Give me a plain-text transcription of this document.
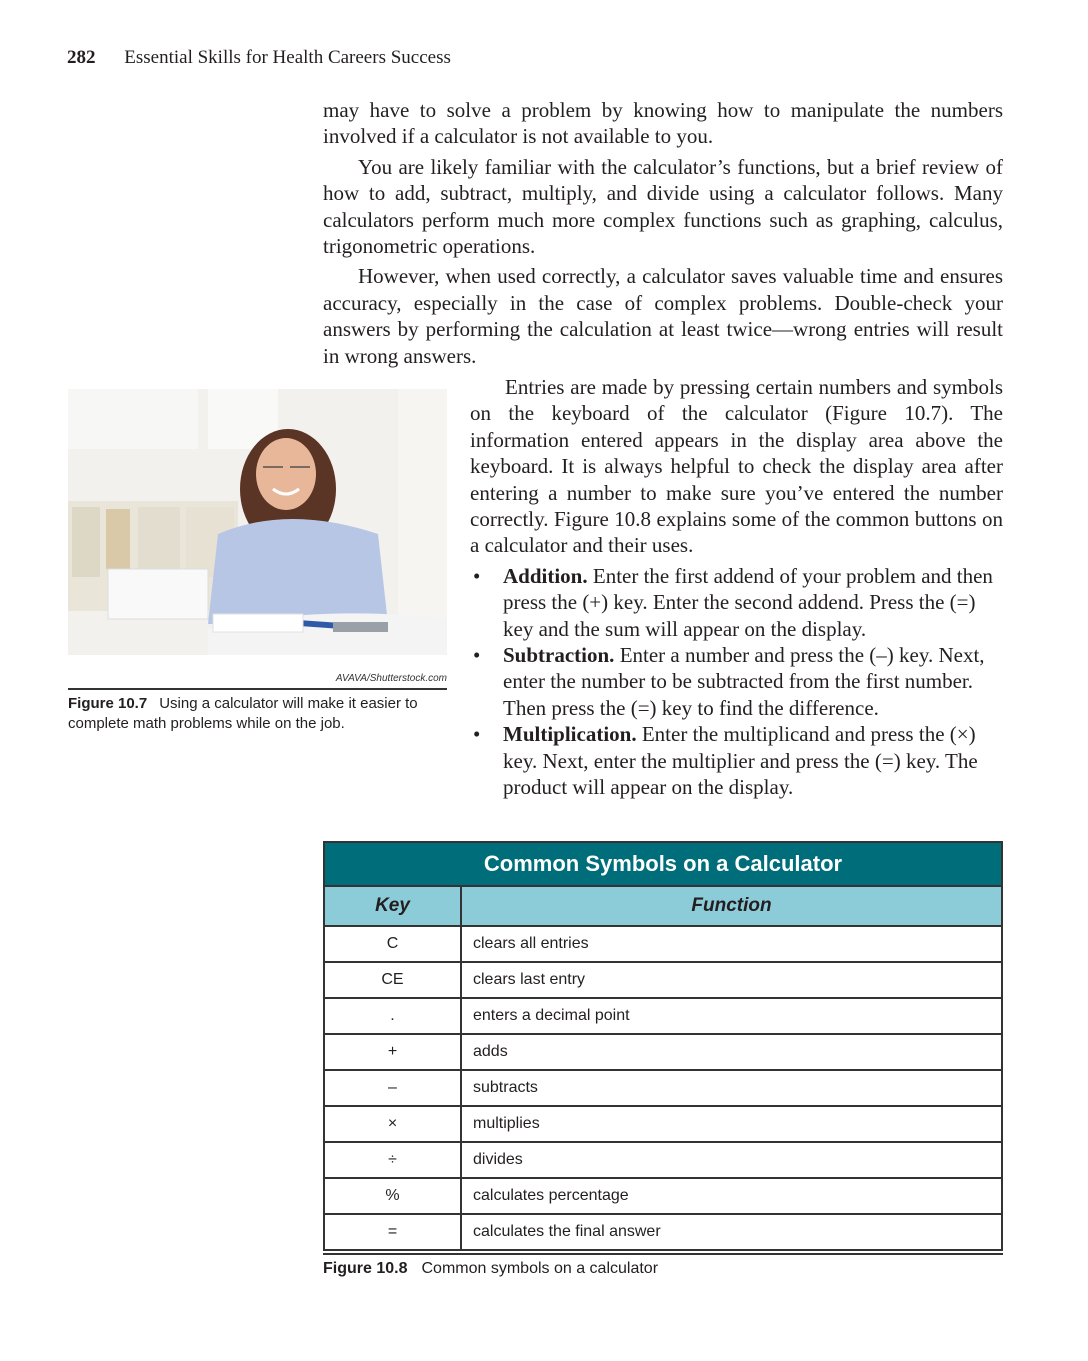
282 Essential Skills for Health Careers Success

may have to solve a problem by knowing how to manipulate the numbers involved if a calculator is not available to you.

You are likely familiar with the calculator’s functions, but a brief review of how to add, subtract, multiply, and divide using a calculator follows. Many calculators perform much more complex functions such as graphing, calculus, trigonometric operations.

However, when used correctly, a calculator saves valuable time and ensures accuracy, especially in the case of complex problems. Double-check your answers by performing the calculation at least twice—wrong entries will result in wrong answers.

AVAVA/Shutterstock.com
Figure 10.7 Using a calculator will make it easier to complete math problems while on the job.

Entries are made by pressing certain numbers and symbols on the keyboard of the calculator (Figure 10.7). The information entered appears in the display area above the keyboard. It is always helpful to check the display area after entering a number to make sure you’ve entered the number correctly. Figure 10.8 explains some of the common buttons on a calculator and their uses.

• Addition. Enter the first addend of your problem and then press the (+) key. Enter the second addend. Press the (=) key and the sum will appear on the display.
• Subtraction. Enter a number and press the (–) key. Next, enter the number to be subtracted from the first number. Then press the (=) key to find the difference.
• Multiplication. Enter the multiplicand and press the (×) key. Next, enter the multiplier and press the (=) key. The product will appear on the display.
Common Symbols on a Calculator	
Key	Function
C	clears all entries
CE	clears last entry
.	enters a decimal point
+	adds
–	subtracts
×	multiplies
÷	divides
%	calculates percentage
=	calculates the final answer
Figure 10.8 Common symbols on a calculator
